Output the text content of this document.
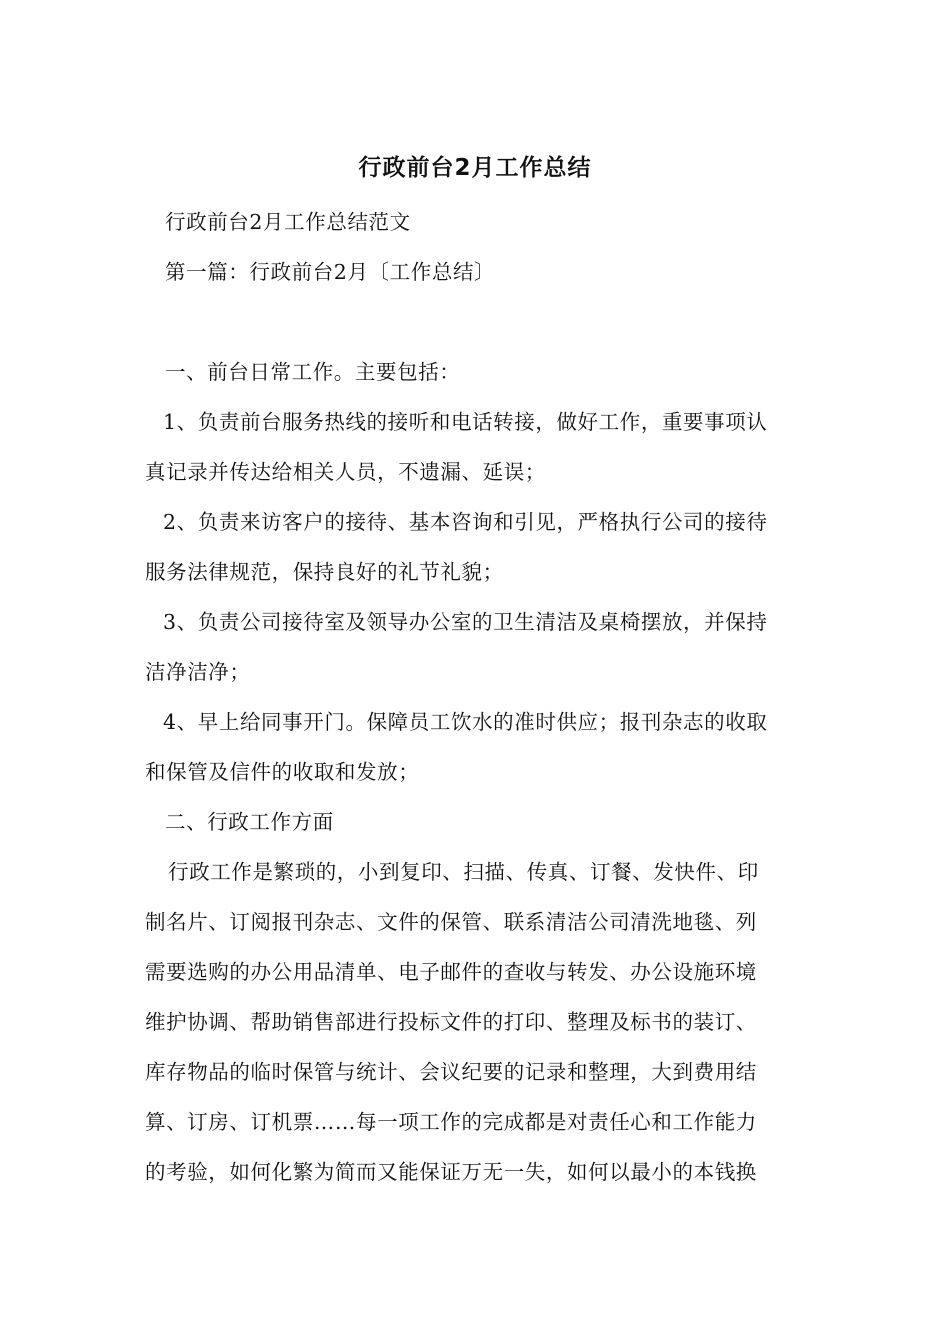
行政前台2月工作总结
行政前台2月工作总结范文
第一篇：行政前台2月〔工作总结〕
一、前台日常工作。主要包括：
1、负责前台服务热线的接听和电话转接，做好工作，重要事项认
真记录并传达给相关人员，不遗漏、延误；
2、负责来访客户的接待、基本咨询和引见，严格执行公司的接待
服务法律规范，保持良好的礼节礼貌；
3、负责公司接待室及领导办公室的卫生清洁及桌椅摆放，并保持
洁净洁净；
4、早上给同事开门。保障员工饮水的准时供应；报刊杂志的收取
和保管及信件的收取和发放；
二、行政工作方面
行政工作是繁琐的，小到复印、扫描、传真、订餐、发快件、印
制名片、订阅报刊杂志、文件的保管、联系清洁公司清洗地毯、列
需要选购的办公用品清单、电子邮件的查收与转发、办公设施环境
维护协调、帮助销售部进行投标文件的打印、整理及标书的装订、
库存物品的临时保管与统计、会议纪要的记录和整理，大到费用结
算、订房、订机票……每一项工作的完成都是对责任心和工作能力
的考验，如何化繁为简而又能保证万无一失，如何以最小的本钱换
